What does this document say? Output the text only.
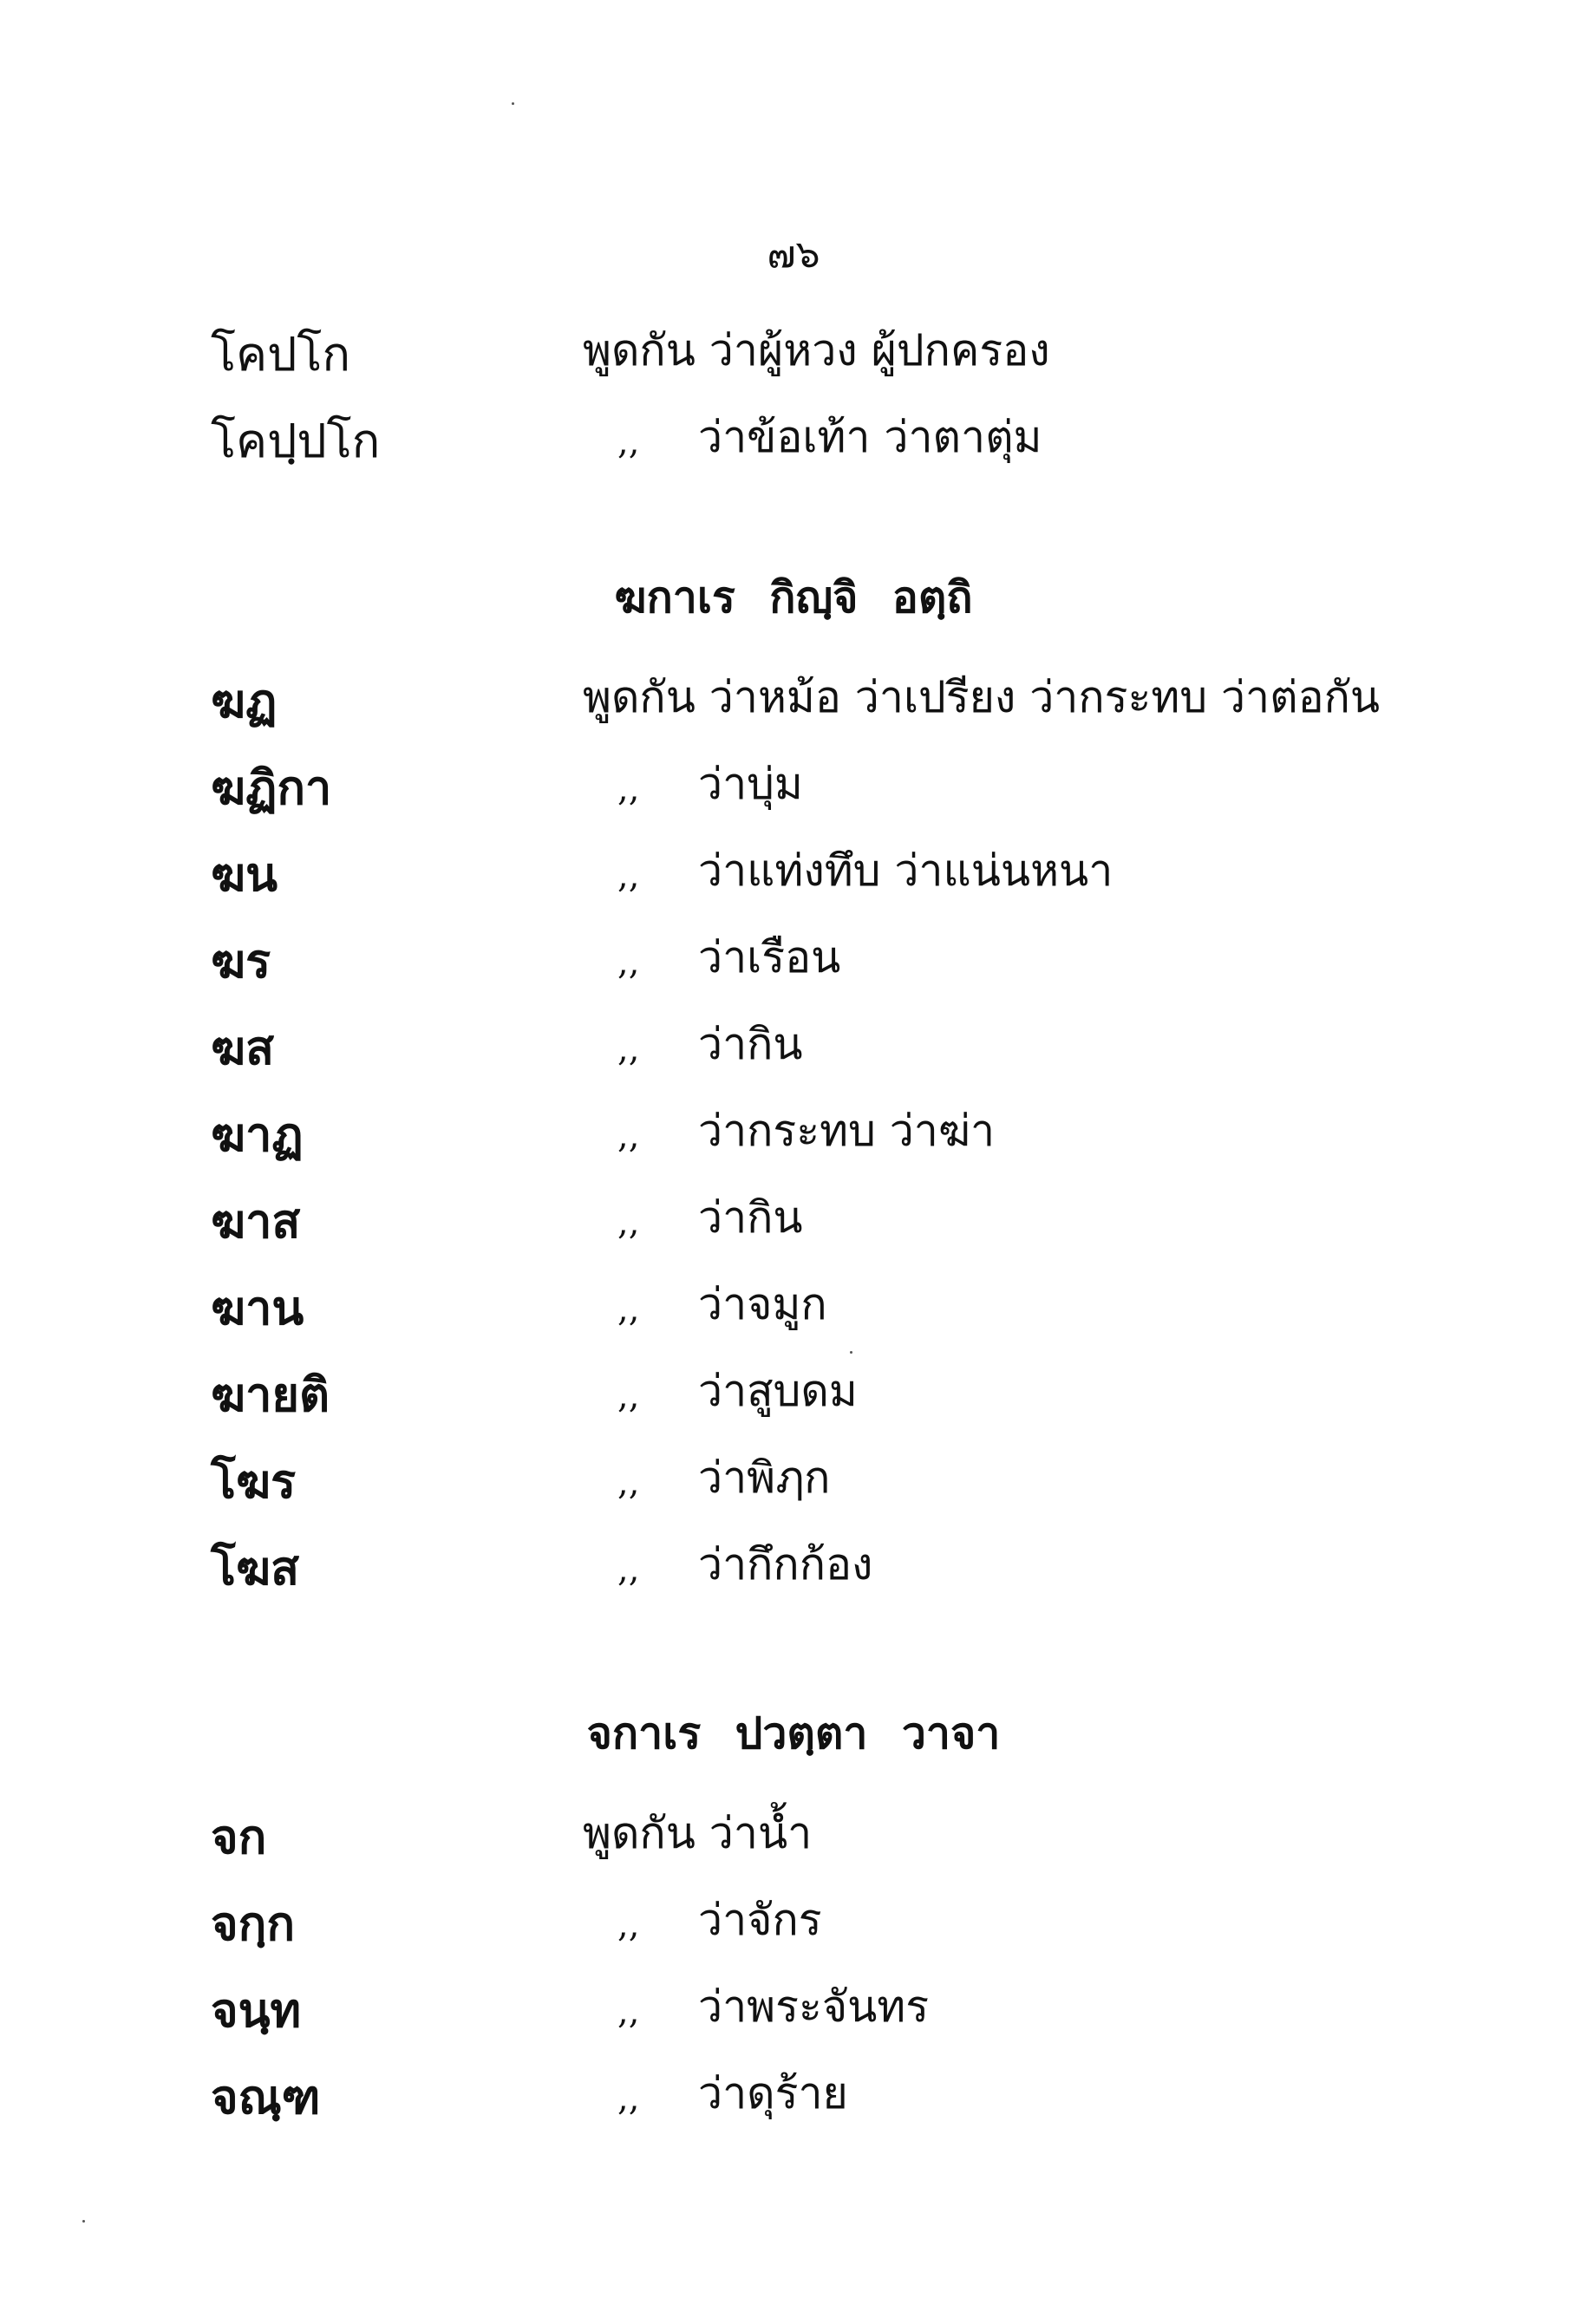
๗๖
โคปโก	พูดกัน ว่าผู้หวง ผู้ปกครอง
โคปฺปโก	,, ว่าข้อเท้า ว่าตาตุ่ม
ฆกาเร กิญฺจิ อตฺถิ
ฆฏ	พูดกัน ว่าหม้อ ว่าเปรียง ว่ากระทบ ว่าต่อกัน
ฆฏิกา	,, ว่าบุ่ม
ฆน	,, ว่าแท่งทึบ ว่าแน่นหนา
ฆร	,, ว่าเรือน
ฆส	,, ว่ากิน
ฆาฏ	,, ว่ากระทบ ว่าฆ่า
ฆาส	,, ว่ากิน
ฆาน	,, ว่าจมูก
ฆายติ	,, ว่าสูบดม
โฆร	,, ว่าพิฦก
โฆส	,, ว่ากึกก้อง
จกาเร ปวตฺตา วาจา
จก	พูดกัน ว่าน้ำ
จกฺก	,, ว่าจักร
จนฺท	,, ว่าพระจันทร
จณฺฑ	,, ว่าดุร้าย
